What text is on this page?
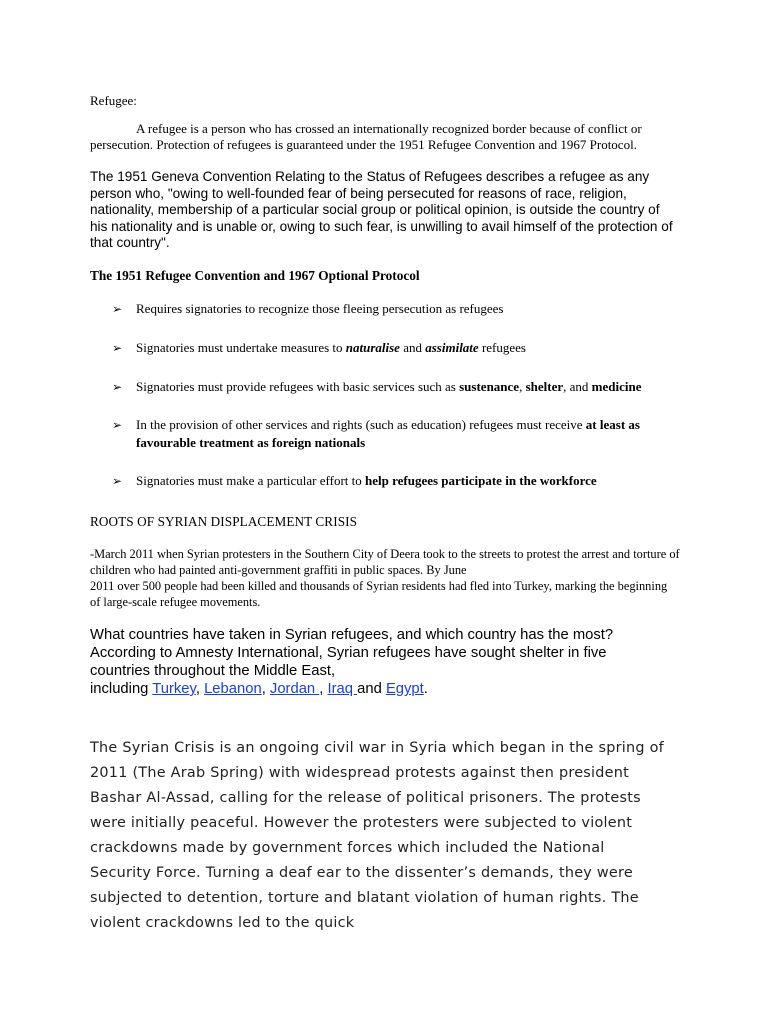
Refugee:

A refugee is a person who has crossed an internationally recognized border because of conflict or persecution. Protection of refugees is guaranteed under the 1951 Refugee Convention and 1967 Protocol.

The 1951 Geneva Convention Relating to the Status of Refugees describes a refugee as any person who, "owing to well-founded fear of being persecuted for reasons of race, religion, nationality, membership of a particular social group or political opinion, is outside the country of his nationality and is unable or, owing to such fear, is unwilling to avail himself of the protection of that country".

The 1951 Refugee Convention and 1967 Optional Protocol

➢ Requires signatories to recognize those fleeing persecution as refugees
➢ Signatories must undertake measures to naturalise and assimilate refugees
➢ Signatories must provide refugees with basic services such as sustenance, shelter, and medicine
➢ In the provision of other services and rights (such as education) refugees must receive at least as favourable treatment as foreign nationals
➢ Signatories must make a particular effort to help refugees participate in the workforce

ROOTS OF SYRIAN DISPLACEMENT CRISIS

-March 2011 when Syrian protesters in the Southern City of Deera took to the streets to protest the arrest and torture of children who had painted anti-government graffiti in public spaces. By June
2011 over 500 people had been killed and thousands of Syrian residents had fled into Turkey, marking the beginning of large-scale refugee movements.

What countries have taken in Syrian refugees, and which country has the most? According to Amnesty International, Syrian refugees have sought shelter in five countries throughout the Middle East,
including Turkey, Lebanon, Jordan , Iraq and Egypt.

The Syrian Crisis is an ongoing civil war in Syria which began in the spring of 2011 (The Arab Spring) with widespread protests against then president Bashar Al-Assad, calling for the release of political prisoners. The protests were initially peaceful. However the protesters were subjected to violent crackdowns made by government forces which included the National Security Force. Turning a deaf ear to the dissenter’s demands, they were subjected to detention, torture and blatant violation of human rights. The violent crackdowns led to the quick
